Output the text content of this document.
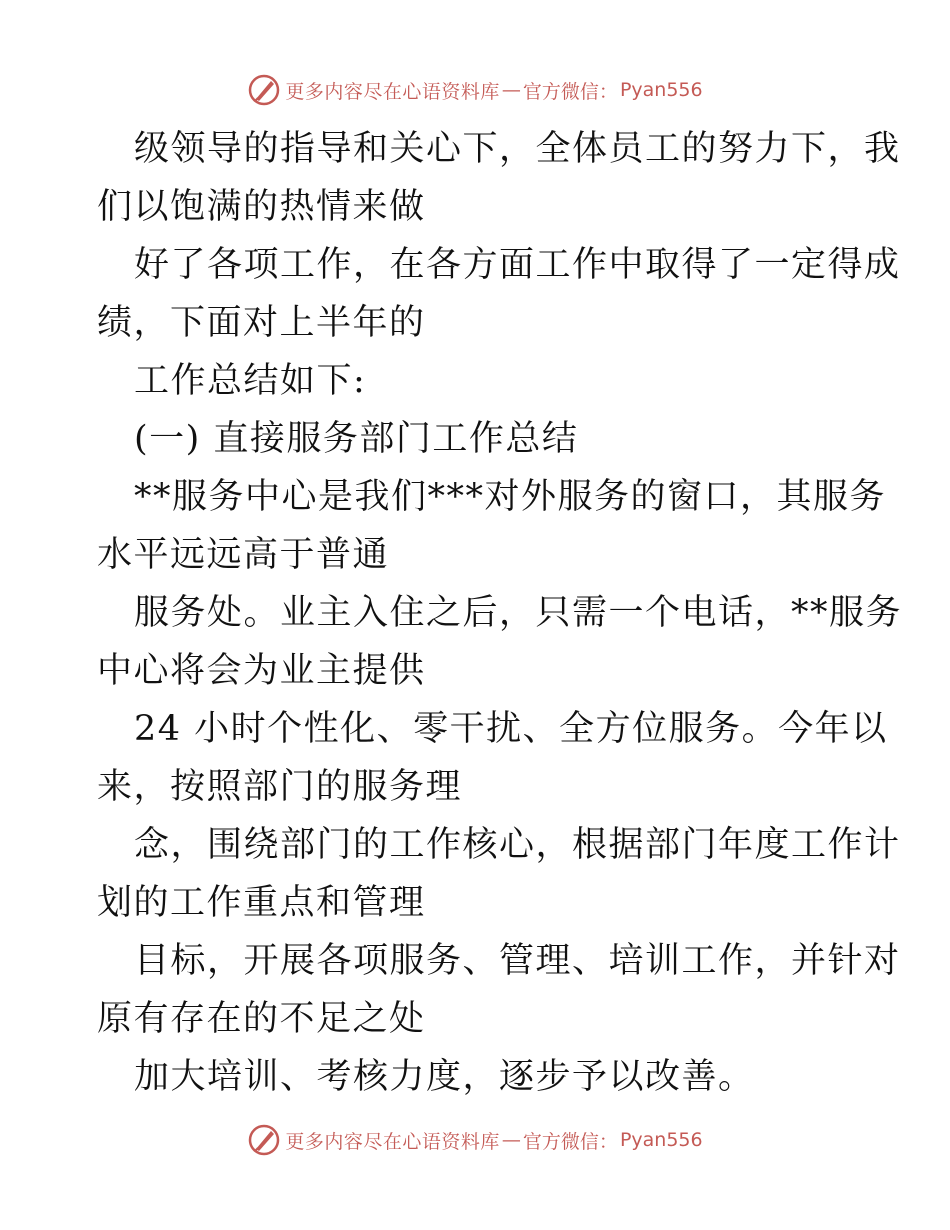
更多内容尽在心语资料库 — 官方微信： Pyan556
级领导的指导和关心下，全体员工的努力下，我
们以饱满的热情来做
好了各项工作，在各方面工作中取得了一定得成
绩，下面对上半年的
工作总结如下:
(一) 直接服务部门工作总结
**服务中心是我们***对外服务的窗口，其服务
水平远远高于普通
服务处。业主入住之后，只需一个电话，**服务
中心将会为业主提供
24 小时个性化、零干扰、全方位服务。今年以
来，按照部门的服务理
念，围绕部门的工作核心，根据部门年度工作计
划的工作重点和管理
目标，开展各项服务、管理、培训工作，并针对
原有存在的不足之处
加大培训、考核力度，逐步予以改善。
更多内容尽在心语资料库 — 官方微信： Pyan556
